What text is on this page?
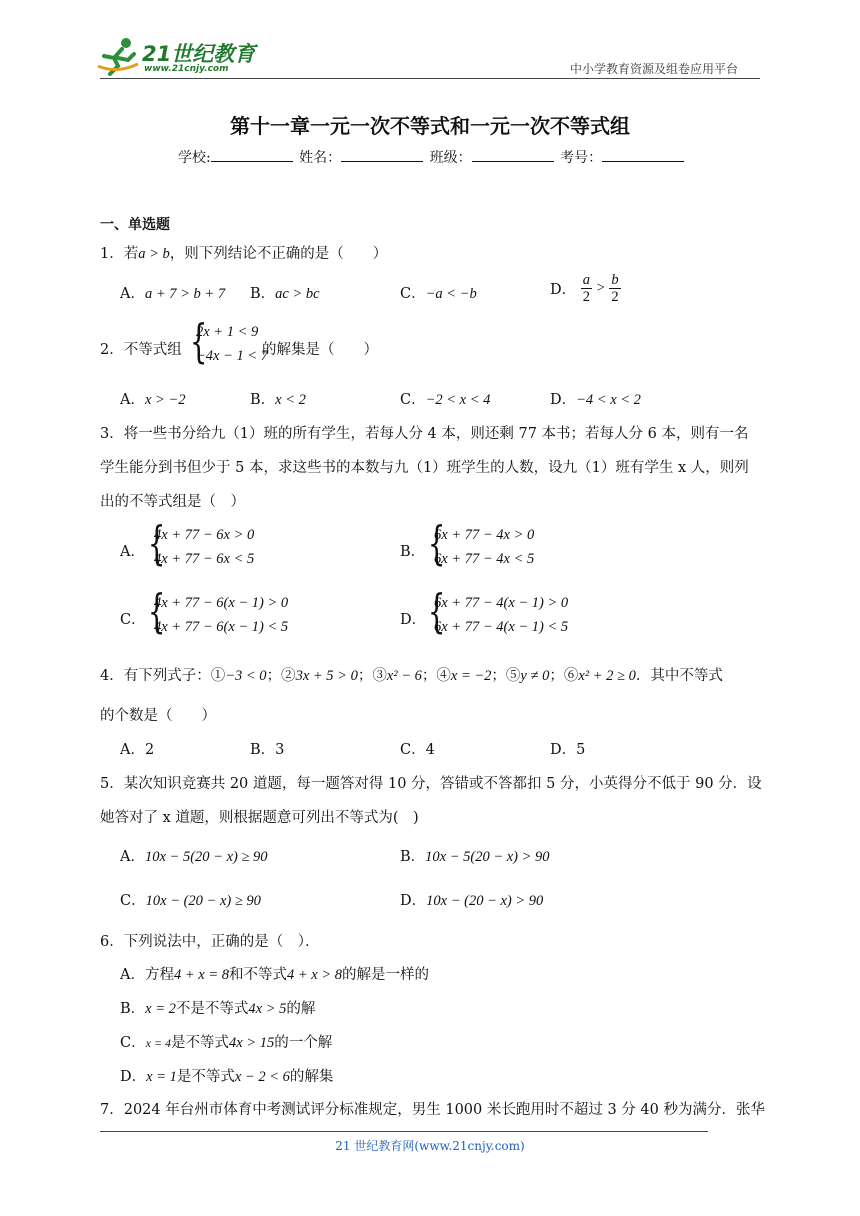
21世纪教育
www.21cnjy.com	中小学教育资源及组卷应用平台
第十一章一元一次不等式和一元一次不等式组
学校:	姓名：	班级：	考号：
一、单选题
1．若a > b，则下列结论不正确的是（　　）
A．a + 7 > b + 7 B．ac > bc	C．−a < −b	D． $\frac{a}{2} > \frac{b}{2}$
2．不等式组 {
2x + 1 < 9
−4x − 1 < 7
的解集是（　　）
A．x > −2	B．x < 2	C．−2 < x < 4	D．−4 < x < 2
3．将一些书分给九（1）班的所有学生，若每人分 4 本，则还剩 77 本书；若每人分 6 本，则有一名
学生能分到书但少于 5 本，求这些书的本数与九（1）班学生的人数，设九（1）班有学生 x 人，则列
出的不等式组是（　）
A． {
4x + 77 − 6x > 0
4x + 77 − 6x < 5	B． {
6x + 77 − 4x > 0
6x + 77 − 4x < 5
C． {
4x + 77 − 6(x − 1) > 0
4x + 77 − 6(x − 1) < 5	D． {
6x + 77 − 4(x − 1) > 0
6x + 77 − 4(x − 1) < 5
4．有下列式子：①−3 < 0；②3x + 5 > 0；③x² − 6；④x = −2；⑤y ≠ 0；⑥x² + 2 ≥ 0．其中不等式
的个数是（　　）
A．2	B．3	C．4	D．5
5．某次知识竞赛共 20 道题，每一题答对得 10 分，答错或不答都扣 5 分，小英得分不低于 90 分．设
她答对了 x 道题，则根据题意可列出不等式为(　)
A．10x − 5(20 − x) ≥ 90	B．10x − 5(20 − x) > 90
C．10x − (20 − x) ≥ 90	D．10x − (20 − x) > 90
6．下列说法中，正确的是（　）．
A．方程4 + x = 8和不等式4 + x > 8的解是一样的
B．x = 2不是不等式4x > 5的解
C．x = 4是不等式4x > 15的一个解
D．x = 1是不等式x − 2 < 6的解集
7．2024 年台州市体育中考测试评分标准规定，男生 1000 米长跑用时不超过 3 分 40 秒为满分．张华
21 世纪教育网(www.21cnjy.com)
